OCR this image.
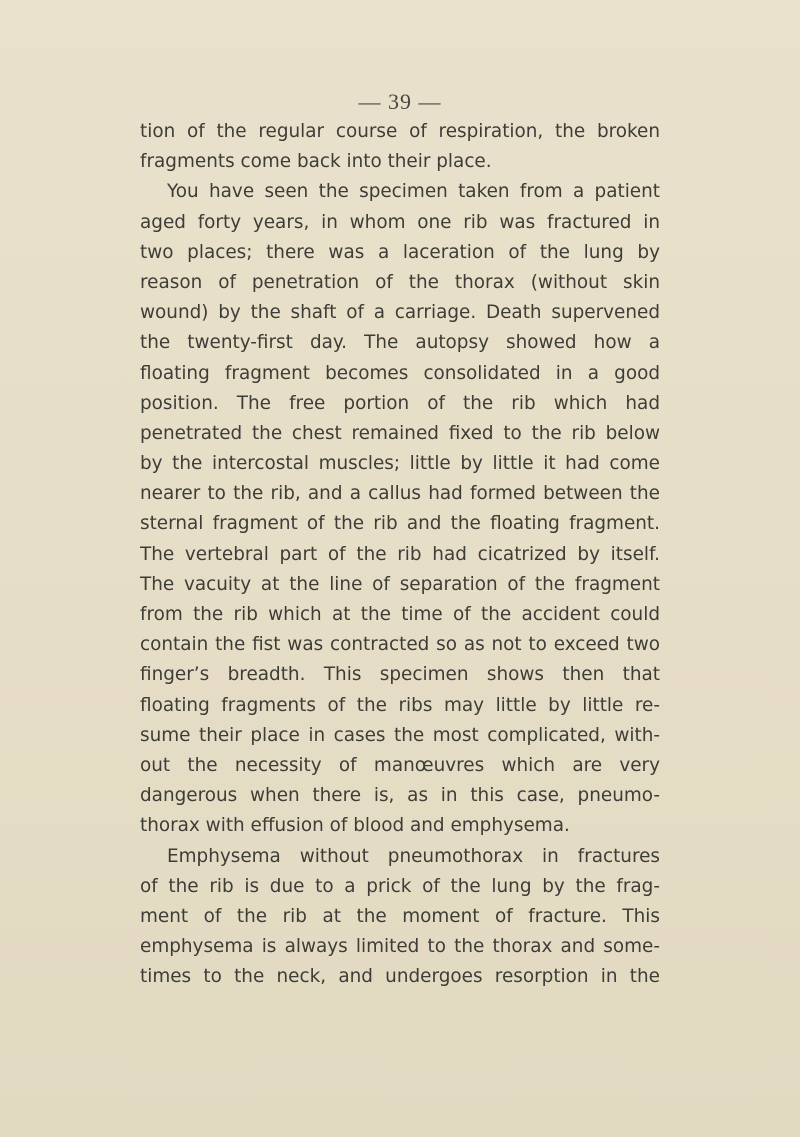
— 39 —
tion of the regular course of respiration, the broken
fragments come back into their place.
You have seen the specimen taken from a patient
aged forty years, in whom one rib was fractured in
two places; there was a laceration of the lung by
reason of penetration of the thorax (without skin
wound) by the shaft of a carriage. Death supervened
the twenty-first day. The autopsy showed how a
floating fragment becomes consolidated in a good
position. The free portion of the rib which had
penetrated the chest remained fixed to the rib below
by the intercostal muscles; little by little it had come
nearer to the rib, and a callus had formed between the
sternal fragment of the rib and the floating fragment.
The vertebral part of the rib had cicatrized by itself.
The vacuity at the line of separation of the fragment
from the rib which at the time of the accident could
contain the fist was contracted so as not to exceed two
finger’s breadth. This specimen shows then that
floating fragments of the ribs may little by little re-
sume their place in cases the most complicated, with-
out the necessity of manœuvres which are very
dangerous when there is, as in this case, pneumo-
thorax with effusion of blood and emphysema.
Emphysema without pneumothorax in fractures
of the rib is due to a prick of the lung by the frag-
ment of the rib at the moment of fracture. This
emphysema is always limited to the thorax and some-
times to the neck, and undergoes resorption in the
